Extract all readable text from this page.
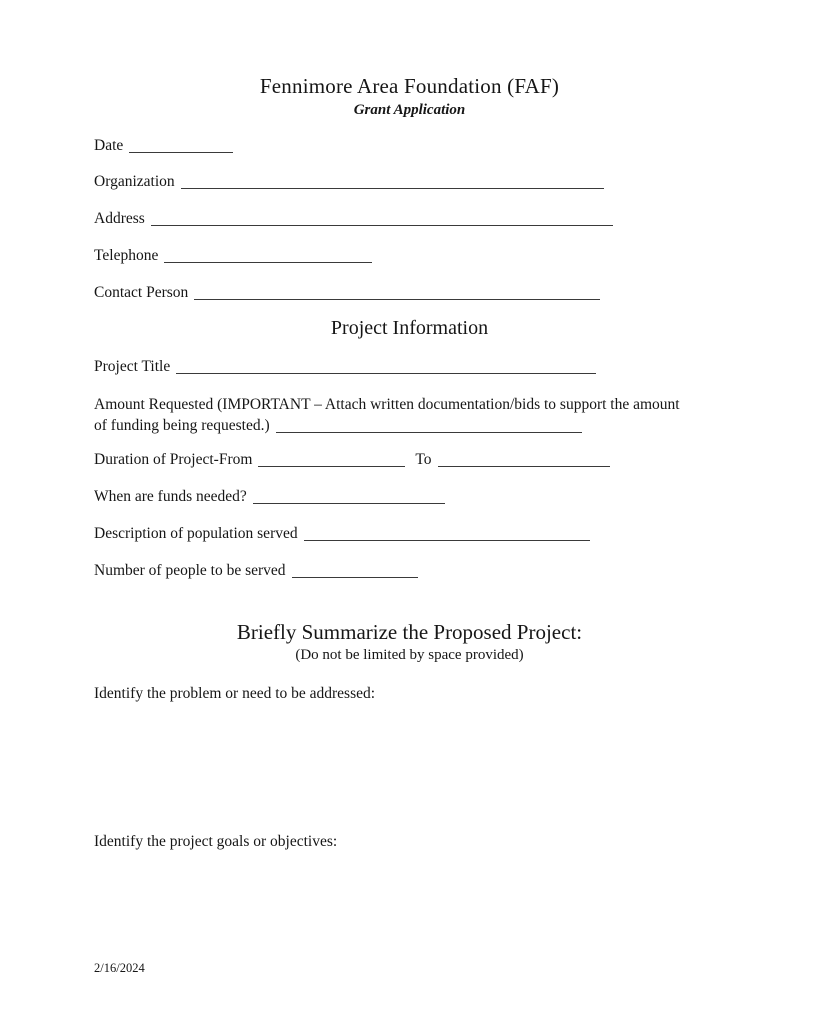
Fennimore Area Foundation (FAF)
Grant Application
Date
Organization
Address
Telephone
Contact Person
Project Information
Project Title
Amount Requested (IMPORTANT – Attach written documentation/bids to support the amount
of funding being requested.)
Duration of Project-From	To
When are funds needed?
Description of population served
Number of people to be served
Briefly Summarize the Proposed Project:
(Do not be limited by space provided)
Identify the problem or need to be addressed:
Identify the project goals or objectives:
2/16/2024
